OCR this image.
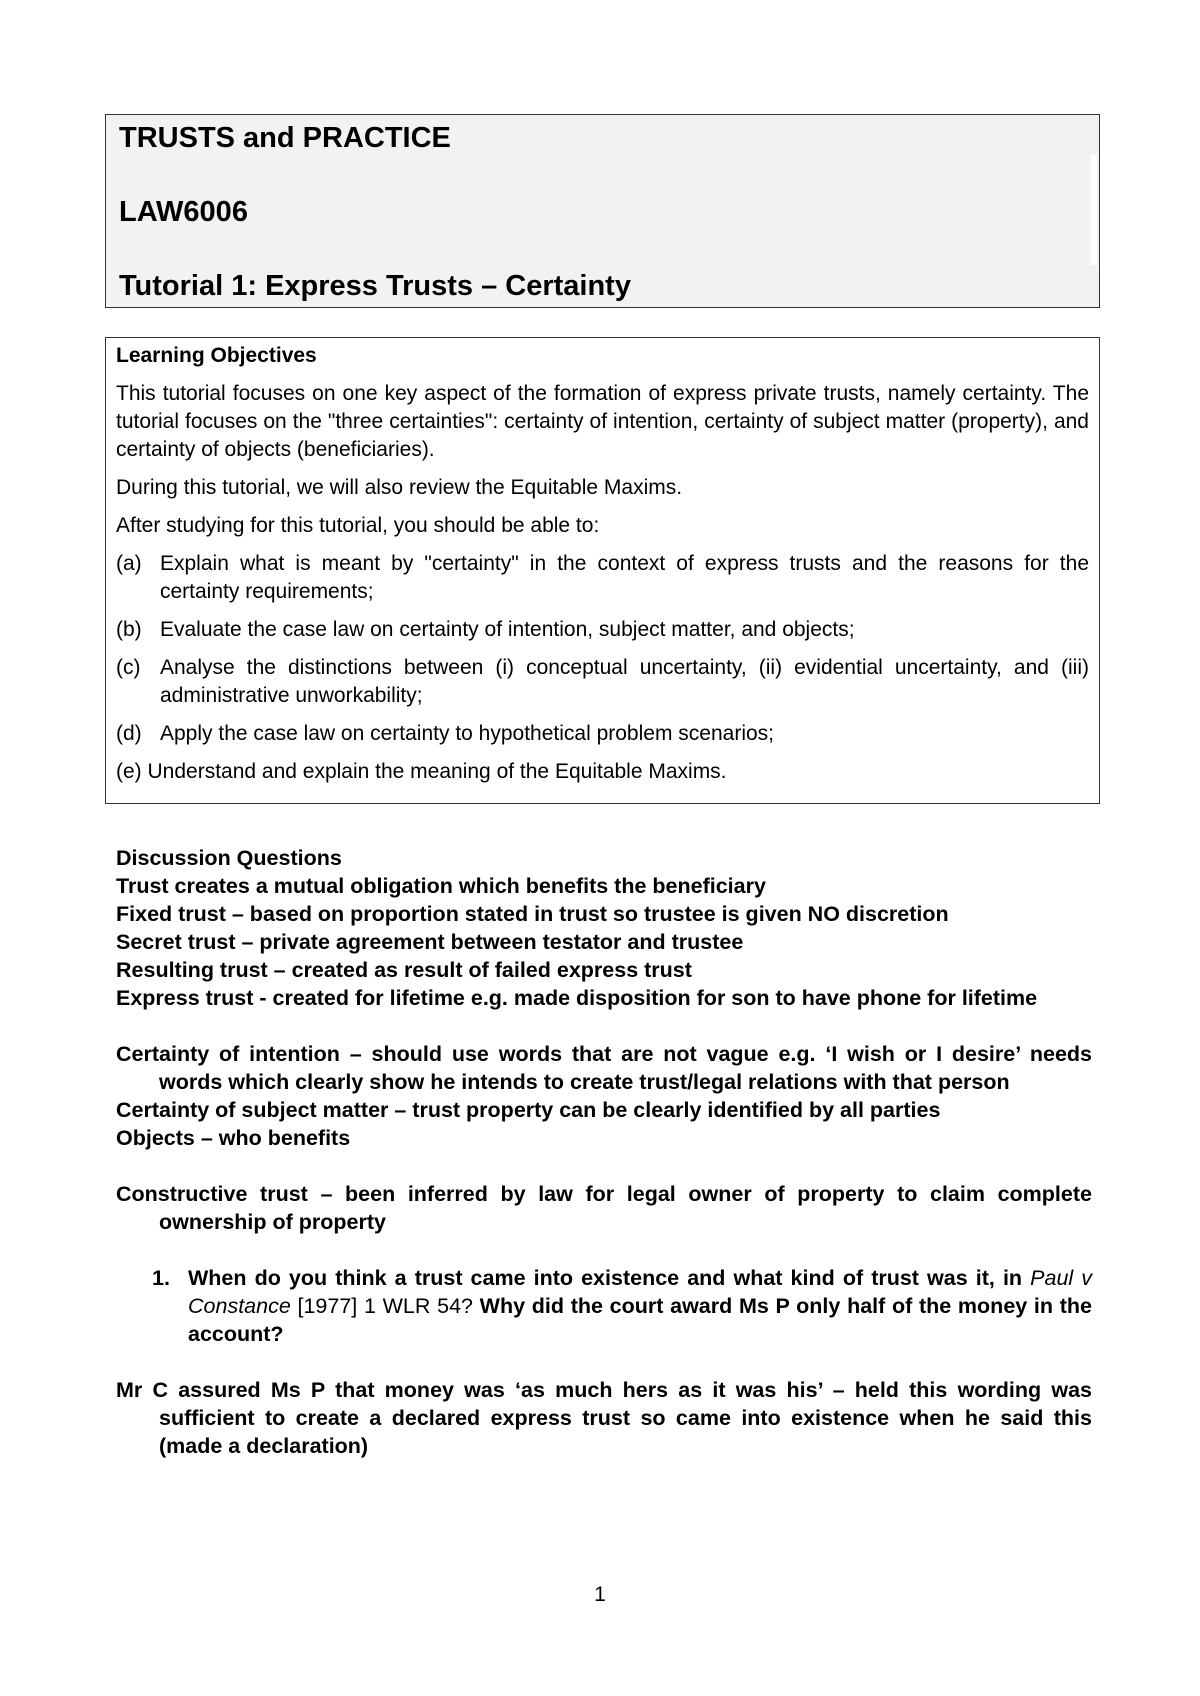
TRUSTS and PRACTICE
LAW6006
Tutorial 1: Express Trusts – Certainty
Learning Objectives

This tutorial focuses on one key aspect of the formation of express private trusts, namely certainty. The tutorial focuses on the "three certainties": certainty of intention, certainty of subject matter (property), and certainty of objects (beneficiaries).

During this tutorial, we will also review the Equitable Maxims.

After studying for this tutorial, you should be able to:

(a) Explain what is meant by "certainty" in the context of express trusts and the reasons for the certainty requirements;
(b) Evaluate the case law on certainty of intention, subject matter, and objects;
(c) Analyse the distinctions between (i) conceptual uncertainty, (ii) evidential uncertainty, and (iii) administrative unworkability;
(d) Apply the case law on certainty to hypothetical problem scenarios;

(e) Understand and explain the meaning of the Equitable Maxims.

Discussion Questions

Trust creates a mutual obligation which benefits the beneficiary

Fixed trust – based on proportion stated in trust so trustee is given NO discretion

Secret trust – private agreement between testator and trustee

Resulting trust – created as result of failed express trust

Express trust - created for lifetime e.g. made disposition for son to have phone for lifetime

Certainty of intention – should use words that are not vague e.g. ‘I wish or I desire’ needs words which clearly show he intends to create trust/legal relations with that person

Certainty of subject matter – trust property can be clearly identified by all parties

Objects – who benefits

Constructive trust – been inferred by law for legal owner of property to claim complete ownership of property

1. When do you think a trust came into existence and what kind of trust was it, in Paul v Constance [1977] 1 WLR 54? Why did the court award Ms P only half of the money in the account?

Mr C assured Ms P that money was ‘as much hers as it was his’ – held this wording was sufficient to create a declared express trust so came into existence when he said this (made a declaration)

1
